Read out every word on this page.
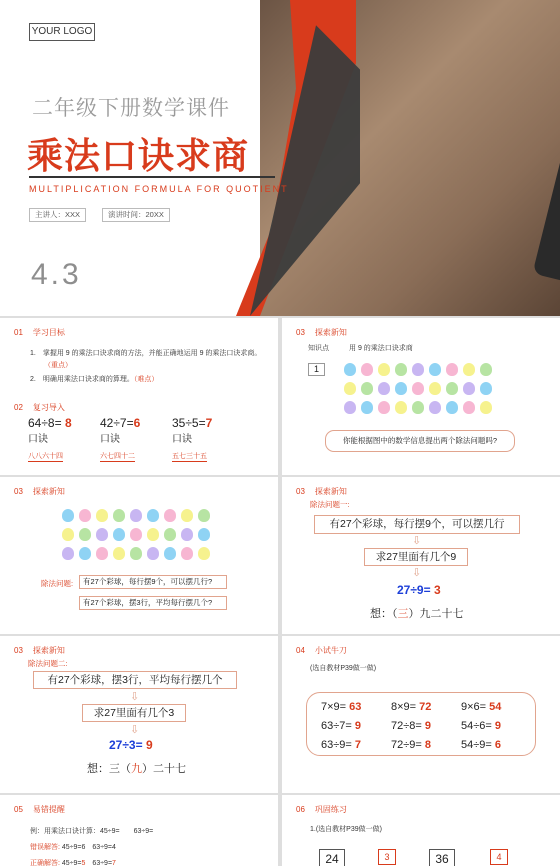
YOUR LOGO
二年级下册数学课件
乘法口诀求商
MULTIPLICATION FORMULA FOR QUOTIENT
主讲人：XXX	演讲时间：20XX
4.3
01 学习目标
1.　掌握用 9 的乘法口诀求商的方法，并能正确地运用 9 的乘法口诀求商。
（重点）
2.　明确用乘法口诀求商的算理。（难点）
02 复习导入
64÷8= 8
口诀
八八六十四
42÷7=6
口诀
六七四十二
35÷5=7
口诀
五七三十五
03 探索新知
知识点	用 9 的乘法口诀求商
1
你能根据图中的数学信息提出两个除法问题吗?
03 探索新知
除法问题:	有27个彩球，每行摆9个，可以摆几行?
有27个彩球，摆3行，平均每行摆几个?
03 探索新知
除法问题一:
有27个彩球，每行摆9个，可以摆几行
⇩
求27里面有几个9
⇩
27÷9= 3
想：（三）九二十七
03 探索新知
除法问题二:
有27个彩球，摆3行，平均每行摆几个
⇩
求27里面有几个3
⇩
27÷3= 9
想：三（九）二十七
04 小试牛刀
(选自教材P39做一做)
7×9= 63	8×9= 72	9×6= 54
63÷7= 9	72÷8= 9	54÷6= 9
63÷9= 7	72÷9= 8	54÷9= 6
05 易错提醒
例：用乘法口诀计算：45÷9=　　63÷9=
错误解答: 45÷9=6　63÷9=4
正确解答: 45÷9=5　 63÷9=7
06 巩固练习
1.(选自教材P39做一做)
24	3	36	4
